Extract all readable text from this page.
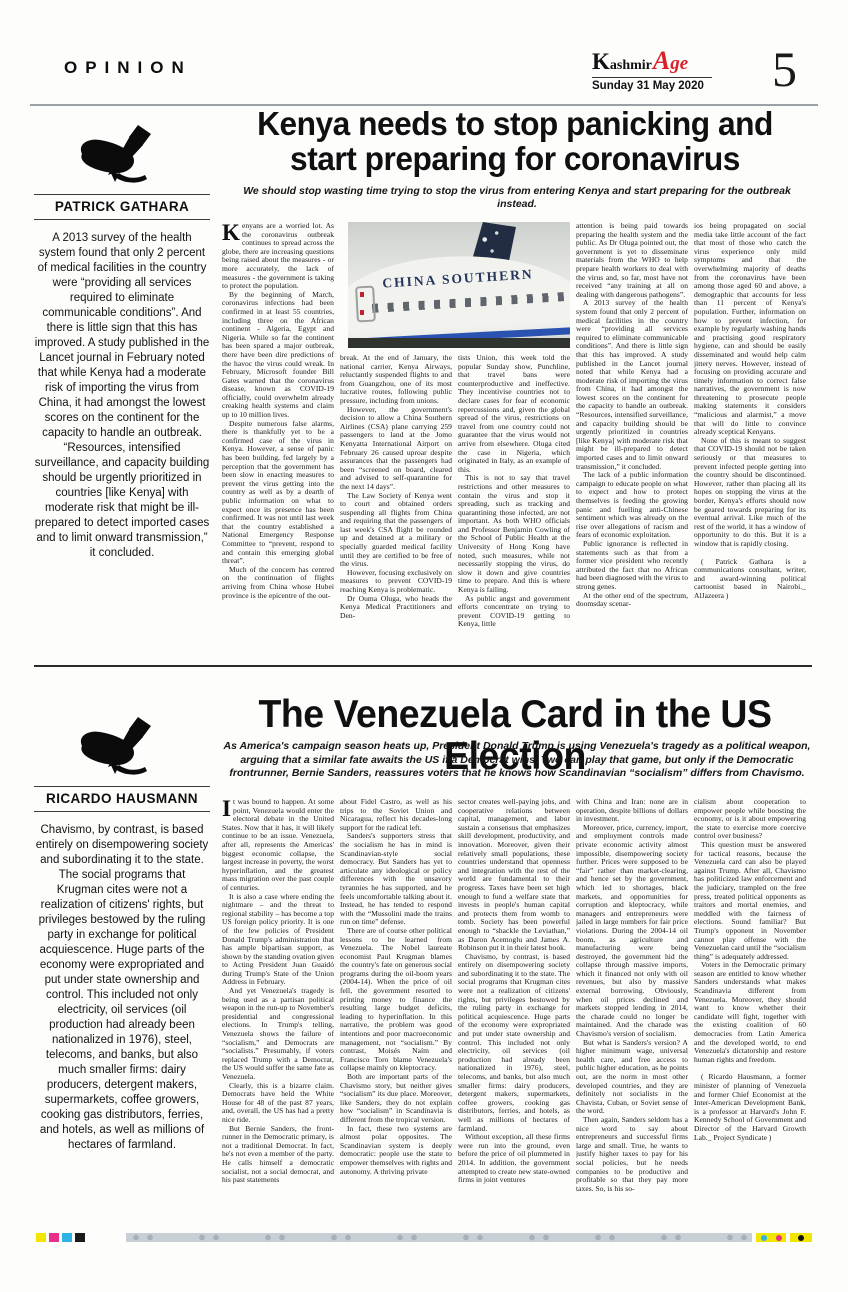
OPINION	KashmirAge
Sunday 31 May 2020 5
Kenya needs to stop panicking and
start preparing for coronavirus
We should stop wasting time trying to stop the virus from entering Kenya and start preparing for the outbreak instead.
PATRICK GATHARA
A 2013 survey of the health system found that only 2 percent of medical facilities in the country were “providing all services required to eliminate communicable conditions”. And there is little sign that this has improved. A study published in the Lancet journal in February noted that while Kenya had a moderate risk of importing the virus from China, it had amongst the lowest scores on the continent for the capacity to handle an outbreak. “Resources, intensified surveillance, and capacity building should be urgently prioritized in countries [like Kenya] with moderate risk that might be ill-prepared to detect imported cases and to limit onward transmission,” it concluded.
CHINA SOUTHERN

Kenyans are a worried lot. As the coronavirus outbreak continues to spread across the globe, there are increasing questions being raised about the measures - or more accurately, the lack of measures - the government is taking to protect the population.

By the beginning of March, coronavirus infections had been confirmed in at least 55 countries, including three on the African continent - Algeria, Egypt and Nigeria. While so far the continent has been spared a major outbreak, there have been dire predictions of the havoc the virus could wreak. In February, Microsoft founder Bill Gates warned that the coronavirus disease, known as COVID-19 officially, could overwhelm already creaking health systems and claim up to 10 million lives.

Despite numerous false alarms, there is thankfully yet to be a confirmed case of the virus in Kenya. However, a sense of panic has been building, fed largely by a perception that the government has been slow in enacting measures to prevent the virus getting into the country as well as by a dearth of public information on what to expect once its presence has been confirmed. It was not until last week that the country established a National Emergency Response Committee to “prevent, respond to and contain this emerging global threat”.

Much of the concern has centred on the continuation of flights arriving from China whose Hubei province is the epicentre of the out-

break. At the end of January, the national carrier, Kenya Airways, reluctantly suspended flights to and from Guangzhou, one of its most lucrative routes, following public pressure, including from unions.

However, the government's decision to allow a China Southern Airlines (CSA) plane carrying 259 passengers to land at the Jomo Kenyatta International Airport on February 26 caused uproar despite assurances that the passengers had been “screened on board, cleared and advised to self-quarantine for the next 14 days”.

The Law Society of Kenya went to court and obtained orders suspending all flights from China and requiring that the passengers of last week's CSA flight be rounded up and detained at a military or specially guarded medical facility until they are certified to be free of the virus.

However, focusing exclusively on measures to prevent COVID-19 reaching Kenya is problematic.

Dr Ouma Oluga, who heads the Kenya Medical Practitioners and Den-

tists Union, this week told the popular Sunday show, Punchline, that travel bans were counterproductive and ineffective. They incentivise countries not to declare cases for fear of economic repercussions and, given the global spread of the virus, restrictions on travel from one country could not guarantee that the virus would not arrive from elsewhere. Oluga cited the case in Nigeria, which originated in Italy, as an example of this.

This is not to say that travel restrictions and other measures to contain the virus and stop it spreading, such as tracking and quarantining those infected, are not important. As both WHO officials and Professor Benjamin Cowling of the School of Public Health at the University of Hong Kong have noted, such measures, while not necessarily stopping the virus, do slow it down and give countries time to prepare. And this is where Kenya is failing.

As public angst and government efforts concentrate on trying to prevent COVID-19 getting to Kenya, little

attention is being paid towards preparing the health system and the public. As Dr Oluga pointed out, the government is yet to disseminate materials from the WHO to help prepare health workers to deal with the virus and, so far, most have not received “any training at all on dealing with dangerous pathogens”.

A 2013 survey of the health system found that only 2 percent of medical facilities in the country were “providing all services required to eliminate communicable conditions”. And there is little sign that this has improved. A study published in the Lancet journal noted that while Kenya had a moderate risk of importing the virus from China, it had amongst the lowest scores on the continent for the capacity to handle an outbreak. “Resources, intensified surveillance, and capacity building should be urgently prioritized in countries [like Kenya] with moderate risk that might be ill-prepared to detect imported cases and to limit onward transmission,” it concluded.

The lack of a public information campaign to educate people on what to expect and how to protect themselves is feeding the growing panic and fuelling anti-Chinese sentiment which was already on the rise over allegations of racism and fears of economic exploitation.

Public ignorance is reflected in statements such as that from a former vice president who recently attributed the fact that no African had been diagnosed with the virus to strong genes.

At the other end of the spectrum, doomsday scenar-

ios being propagated on social media take little account of the fact that most of those who catch the virus experience only mild symptoms and that the overwhelming majority of deaths from the coronavirus have been among those aged 60 and above, a demographic that accounts for less than 11 percent of Kenya's population. Further, information on how to prevent infection, for example by regularly washing hands and practising good respiratory hygiene, can and should be easily disseminated and would help calm jittery nerves. However, instead of focusing on providing accurate and timely information to correct false narratives, the government is now threatening to prosecute people making statements it considers “malicious and alarmist,” a move that will do little to convince already sceptical Kenyans.

None of this is meant to suggest that COVID-19 should not be taken seriously or that measures to prevent infected people getting into the country should be discontinued. However, rather than placing all its hopes on stopping the virus at the border, Kenya's efforts should now be geared towards preparing for its eventual arrival. Like much of the rest of the world, it has a window of opportunity to do this. But it is a window that is rapidly closing.

( Patrick Gathara is a communications consultant, writer, and award-winning political cartoonist based in Nairobi._ AlJazeera )

The Venezuela Card in the US Election
As America's campaign season heats up, President Donald Trump is using Venezuela's tragedy as a political weapon, arguing that a similar fate awaits the US if a Democrat wins. Two can play that game, but only if the Democratic frontrunner, Bernie Sanders, reassures voters that he knows how Scandinavian “socialism” differs from Chavismo.
RICARDO HAUSMANN
Chavismo, by contrast, is based entirely on disempowering society and subordinating it to the state. The social programs that Krugman cites were not a realization of citizens' rights, but privileges bestowed by the ruling party in exchange for political acquiescence. Huge parts of the economy were expropriated and put under state ownership and control. This included not only electricity, oil services (oil production had already been nationalized in 1976), steel, telecoms, and banks, but also much smaller firms: dairy producers, detergent makers, supermarkets, coffee growers, cooking gas distributors, ferries, and hotels, as well as millions of hectares of farmland.

It was bound to happen. At some point, Venezuela would enter the electoral debate in the United States. Now that it has, it will likely continue to be an issue. Venezuela, after all, represents the Americas' biggest economic collapse, the largest increase in poverty, the worst hyperinflation, and the greatest mass migration over the past couple of centuries.

It is also a case where ending the nightmare – and the threat to regional stability – has become a top US foreign policy priority. It is one of the few policies of President Donald Trump's administration that has ample bipartisan support, as shown by the standing ovation given to Acting President Juan Guaidó during Trump's State of the Union Address in February.

And yet Venezuela's tragedy is being used as a partisan political weapon in the run-up to November's presidential and congressional elections. In Trump's telling, Venezuela shows the failure of “socialism,” and Democrats are “socialists.” Presumably, if voters replaced Trump with a Democrat, the US would suffer the same fate as Venezuela.

Clearly, this is a bizarre claim. Democrats have held the White House for 48 of the past 87 years, and, overall, the US has had a pretty nice ride.

But Bernie Sanders, the front-runner in the Democratic primary, is not a traditional Democrat. In fact, he's not even a member of the party. He calls himself a democratic socialist, not a social democrat, and his past statements

about Fidel Castro, as well as his trips to the Soviet Union and Nicaragua, reflect his decades-long support for the radical left.

Sanders's supporters stress that the socialism he has in mind is Scandinavian-style social democracy. But Sanders has yet to articulate any ideological or policy differences with the unsavory tyrannies he has supported, and he feels uncomfortable talking about it. Instead, he has tended to respond with the “Mussolini made the trains run on time” defense.

There are of course other political lessons to be learned from Venezuela. The Nobel laureate economist Paul Krugman blames the country's fate on generous social programs during the oil-boom years (2004-14). When the price of oil fell, the government resorted to printing money to finance the resulting large budget deficits, leading to hyperinflation. In this narrative, the problem was good intentions and poor macroeconomic management, not “socialism.” By contrast, Moisés Naím and Francisco Toro blame Venezuela's collapse mainly on kleptocracy.

Both are important parts of the Chavismo story, but neither gives “socialism” its due place. Moreover, like Sanders, they do not explain how “socialism” in Scandinavia is different from the tropical version.

In fact, these two systems are almost polar opposites. The Scandinavian system is deeply democratic: people use the state to empower themselves with rights and autonomy. A thriving private

sector creates well-paying jobs, and cooperative relations between capital, management, and labor sustain a consensus that emphasizes skill development, productivity, and innovation. Moreover, given their relatively small populations, these countries understand that openness and integration with the rest of the world are fundamental to their progress. Taxes have been set high enough to fund a welfare state that invests in people's human capital and protects them from womb to tomb. Society has been powerful enough to “shackle the Leviathan,” as Daron Acemoglu and James A. Robinson put it in their latest book.

Chavismo, by contrast, is based entirely on disempowering society and subordinating it to the state. The social programs that Krugman cites were not a realization of citizens' rights, but privileges bestowed by the ruling party in exchange for political acquiescence. Huge parts of the economy were expropriated and put under state ownership and control. This included not only electricity, oil services (oil production had already been nationalized in 1976), steel, telecoms, and banks, but also much smaller firms: dairy producers, detergent makers, supermarkets, coffee growers, cooking gas distributors, ferries, and hotels, as well as millions of hectares of farmland.

Without exception, all these firms were run into the ground, even before the price of oil plummeted in 2014. In addition, the government attempted to create new state-owned firms in joint ventures

with China and Iran: none are in operation, despite billions of dollars in investment.

Moreover, price, currency, import, and employment controls made private economic activity almost impossible, disempowering society further. Prices were supposed to be “fair” rather than market-clearing, and hence set by the government, which led to shortages, black markets, and opportunities for corruption and kleptocracy, while managers and entrepreneurs were jailed in large numbers for fair price violations. During the 2004-14 oil boom, as agriculture and manufacturing were being destroyed, the government hid the collapse through massive imports, which it financed not only with oil revenues, but also by massive external borrowing. Obviously, when oil prices declined and markets stopped lending in 2014, the charade could no longer be maintained. And the charade was Chavismo's version of socialism.

But what is Sanders's version? A higher minimum wage, universal health care, and free access to public higher education, as he points out, are the norm in most other developed countries, and they are definitely not socialists in the Chavista, Cuban, or Soviet sense of the word.

Then again, Sanders seldom has a nice word to say about entrepreneurs and successful firms large and small. True, he wants to justify higher taxes to pay for his social policies, but he needs companies to be productive and profitable so that they pay more taxes. So, is his so-

cialism about cooperation to empower people while boosting the economy, or is it about empowering the state to exercise more coercive control over business?

This question must be answered for tactical reasons, because the Venezuela card can also be played against Trump. After all, Chavismo has politicized law enforcement and the judiciary, trampled on the free press, treated political opponents as traitors and mortal enemies, and meddled with the fairness of elections. Sound familiar? But Trump's opponent in November cannot play offense with the Venezuelan card until the “socialism thing” is adequately addressed.

Voters in the Democratic primary season are entitled to know whether Sanders understands what makes Scandinavia different from Venezuela. Moreover, they should want to know whether their candidate will fight, together with the existing coalition of 60 democracies from Latin America and the developed world, to end Venezuela's dictatorship and restore human rights and freedom.

( Ricardo Hausmann, a former minister of planning of Venezuela and former Chief Economist at the Inter-American Development Bank, is a professor at Harvard's John F. Kennedy School of Government and Director of the Harvard Growth Lab._ Project Syndicate )
